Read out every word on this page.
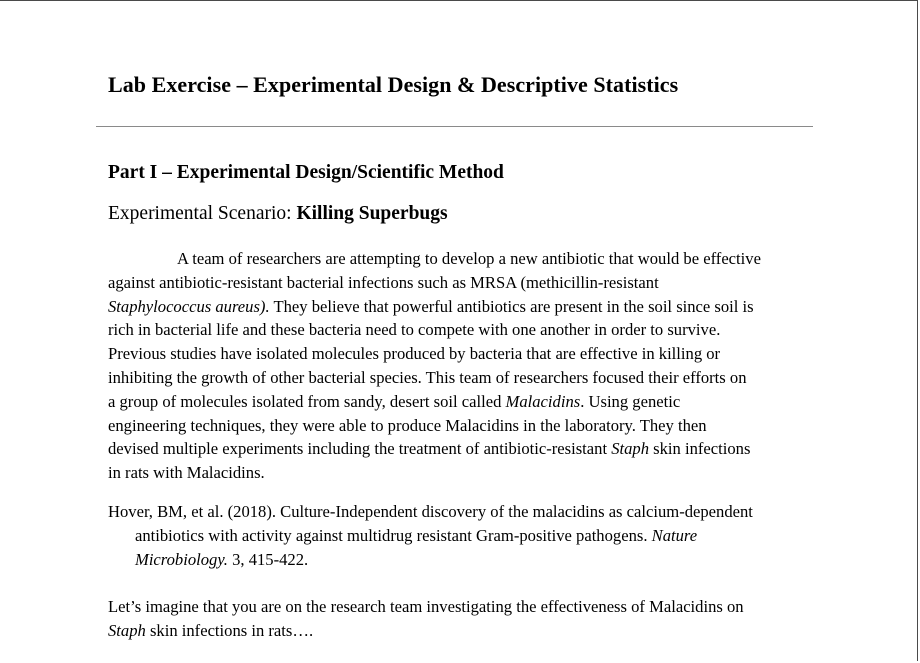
Lab Exercise – Experimental Design & Descriptive Statistics
Part I – Experimental Design/Scientific Method
Experimental Scenario: Killing Superbugs
A team of researchers are attempting to develop a new antibiotic that would be effective
against antibiotic-resistant bacterial infections such as MRSA (methicillin-resistant
Staphylococcus aureus). They believe that powerful antibiotics are present in the soil since soil is
rich in bacterial life and these bacteria need to compete with one another in order to survive.
Previous studies have isolated molecules produced by bacteria that are effective in killing or
inhibiting the growth of other bacterial species. This team of researchers focused their efforts on
a group of molecules isolated from sandy, desert soil called Malacidins. Using genetic
engineering techniques, they were able to produce Malacidins in the laboratory. They then
devised multiple experiments including the treatment of antibiotic-resistant Staph skin infections
in rats with Malacidins.
Hover, BM, et al. (2018). Culture-Independent discovery of the malacidins as calcium-dependent
antibiotics with activity against multidrug resistant Gram-positive pathogens. Nature
Microbiology. 3, 415-422.
Let’s imagine that you are on the research team investigating the effectiveness of Malacidins on
Staph skin infections in rats….
